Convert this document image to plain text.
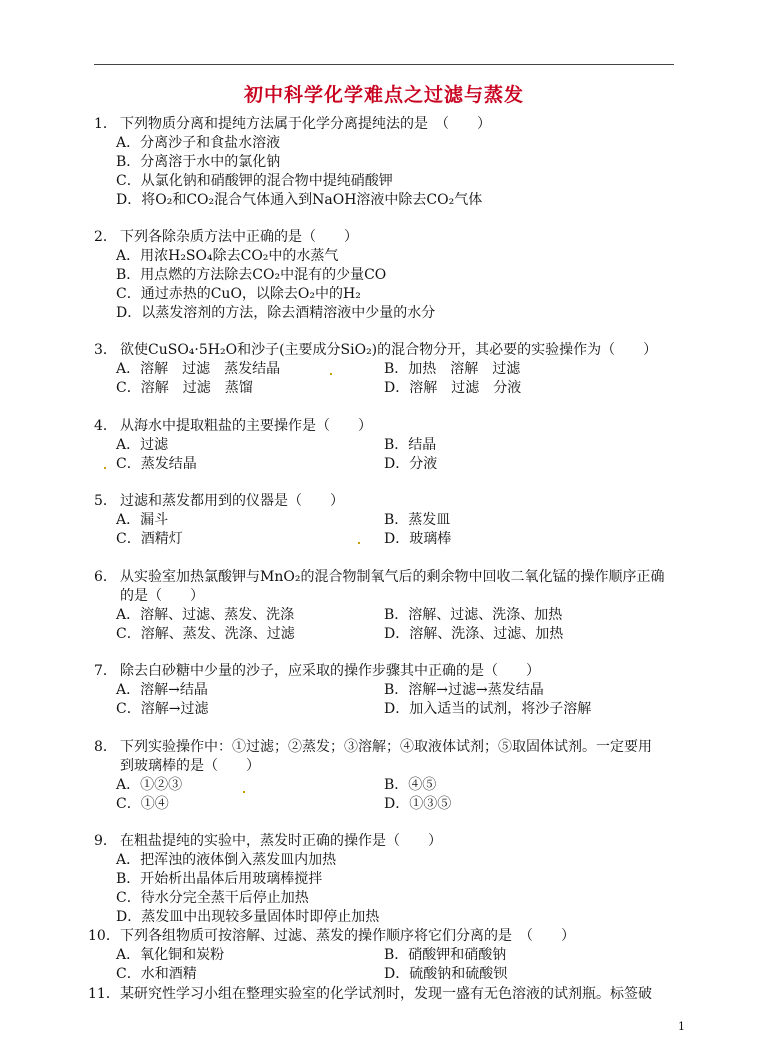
初中科学化学难点之过滤与蒸发
1． 下列物质分离和提纯方法属于化学分离提纯法的是　（　　）
A．分离沙子和食盐水溶液
B．分离溶于水中的氯化钠
C．从氯化钠和硝酸钾的混合物中提纯硝酸钾
D．将O₂和CO₂混合气体通入到NaOH溶液中除去CO₂气体
2． 下列各除杂质方法中正确的是（　　）
A．用浓H₂SO₄除去CO₂中的水蒸气
B．用点燃的方法除去CO₂中混有的少量CO
C．通过赤热的CuO，以除去O₂中的H₂
D．以蒸发溶剂的方法，除去酒精溶液中少量的水分
3． 欲使CuSO₄·5H₂O和沙子(主要成分SiO₂)的混合物分开，其必要的实验操作为（　　）
A．溶解　过滤　蒸发结晶	B．加热　溶解　过滤
C．溶解　过滤　蒸馏	D．溶解　过滤　分液
4． 从海水中提取粗盐的主要操作是（　　）
A．过滤	B．结晶
C．蒸发结晶	D．分液
5． 过滤和蒸发都用到的仪器是（　　）
A．漏斗	B．蒸发皿
C．酒精灯	D．玻璃棒
6． 从实验室加热氯酸钾与MnO₂的混合物制氧气后的剩余物中回收二氧化锰的操作顺序正确
的是（　　）
A．溶解、过滤、蒸发、洗涤	B．溶解、过滤、洗涤、加热
C．溶解、蒸发、洗涤、过滤	D．溶解、洗涤、过滤、加热
7． 除去白砂糖中少量的沙子，应采取的操作步骤其中正确的是（　　）
A．溶解→结晶	B．溶解→过滤→蒸发结晶
C．溶解→过滤	D．加入适当的试剂，将沙子溶解
8． 下列实验操作中：①过滤；②蒸发；③溶解；④取液体试剂；⑤取固体试剂。一定要用
到玻璃棒的是（　　）
A．①②③	B．④⑤
C．①④	D．①③⑤
9． 在粗盐提纯的实验中，蒸发时正确的操作是（　　）
A．把浑浊的液体倒入蒸发皿内加热
B．开始析出晶体后用玻璃棒搅拌
C．待水分完全蒸干后停止加热
D．蒸发皿中出现较多量固体时即停止加热
10． 下列各组物质可按溶解、过滤、蒸发的操作顺序将它们分离的是　（　　）
A．氧化铜和炭粉	B．硝酸钾和硝酸钠
C．水和酒精	D．硫酸钠和硫酸钡
11． 某研究性学习小组在整理实验室的化学试剂时，发现一盛有无色溶液的试剂瓶。标签破
1
